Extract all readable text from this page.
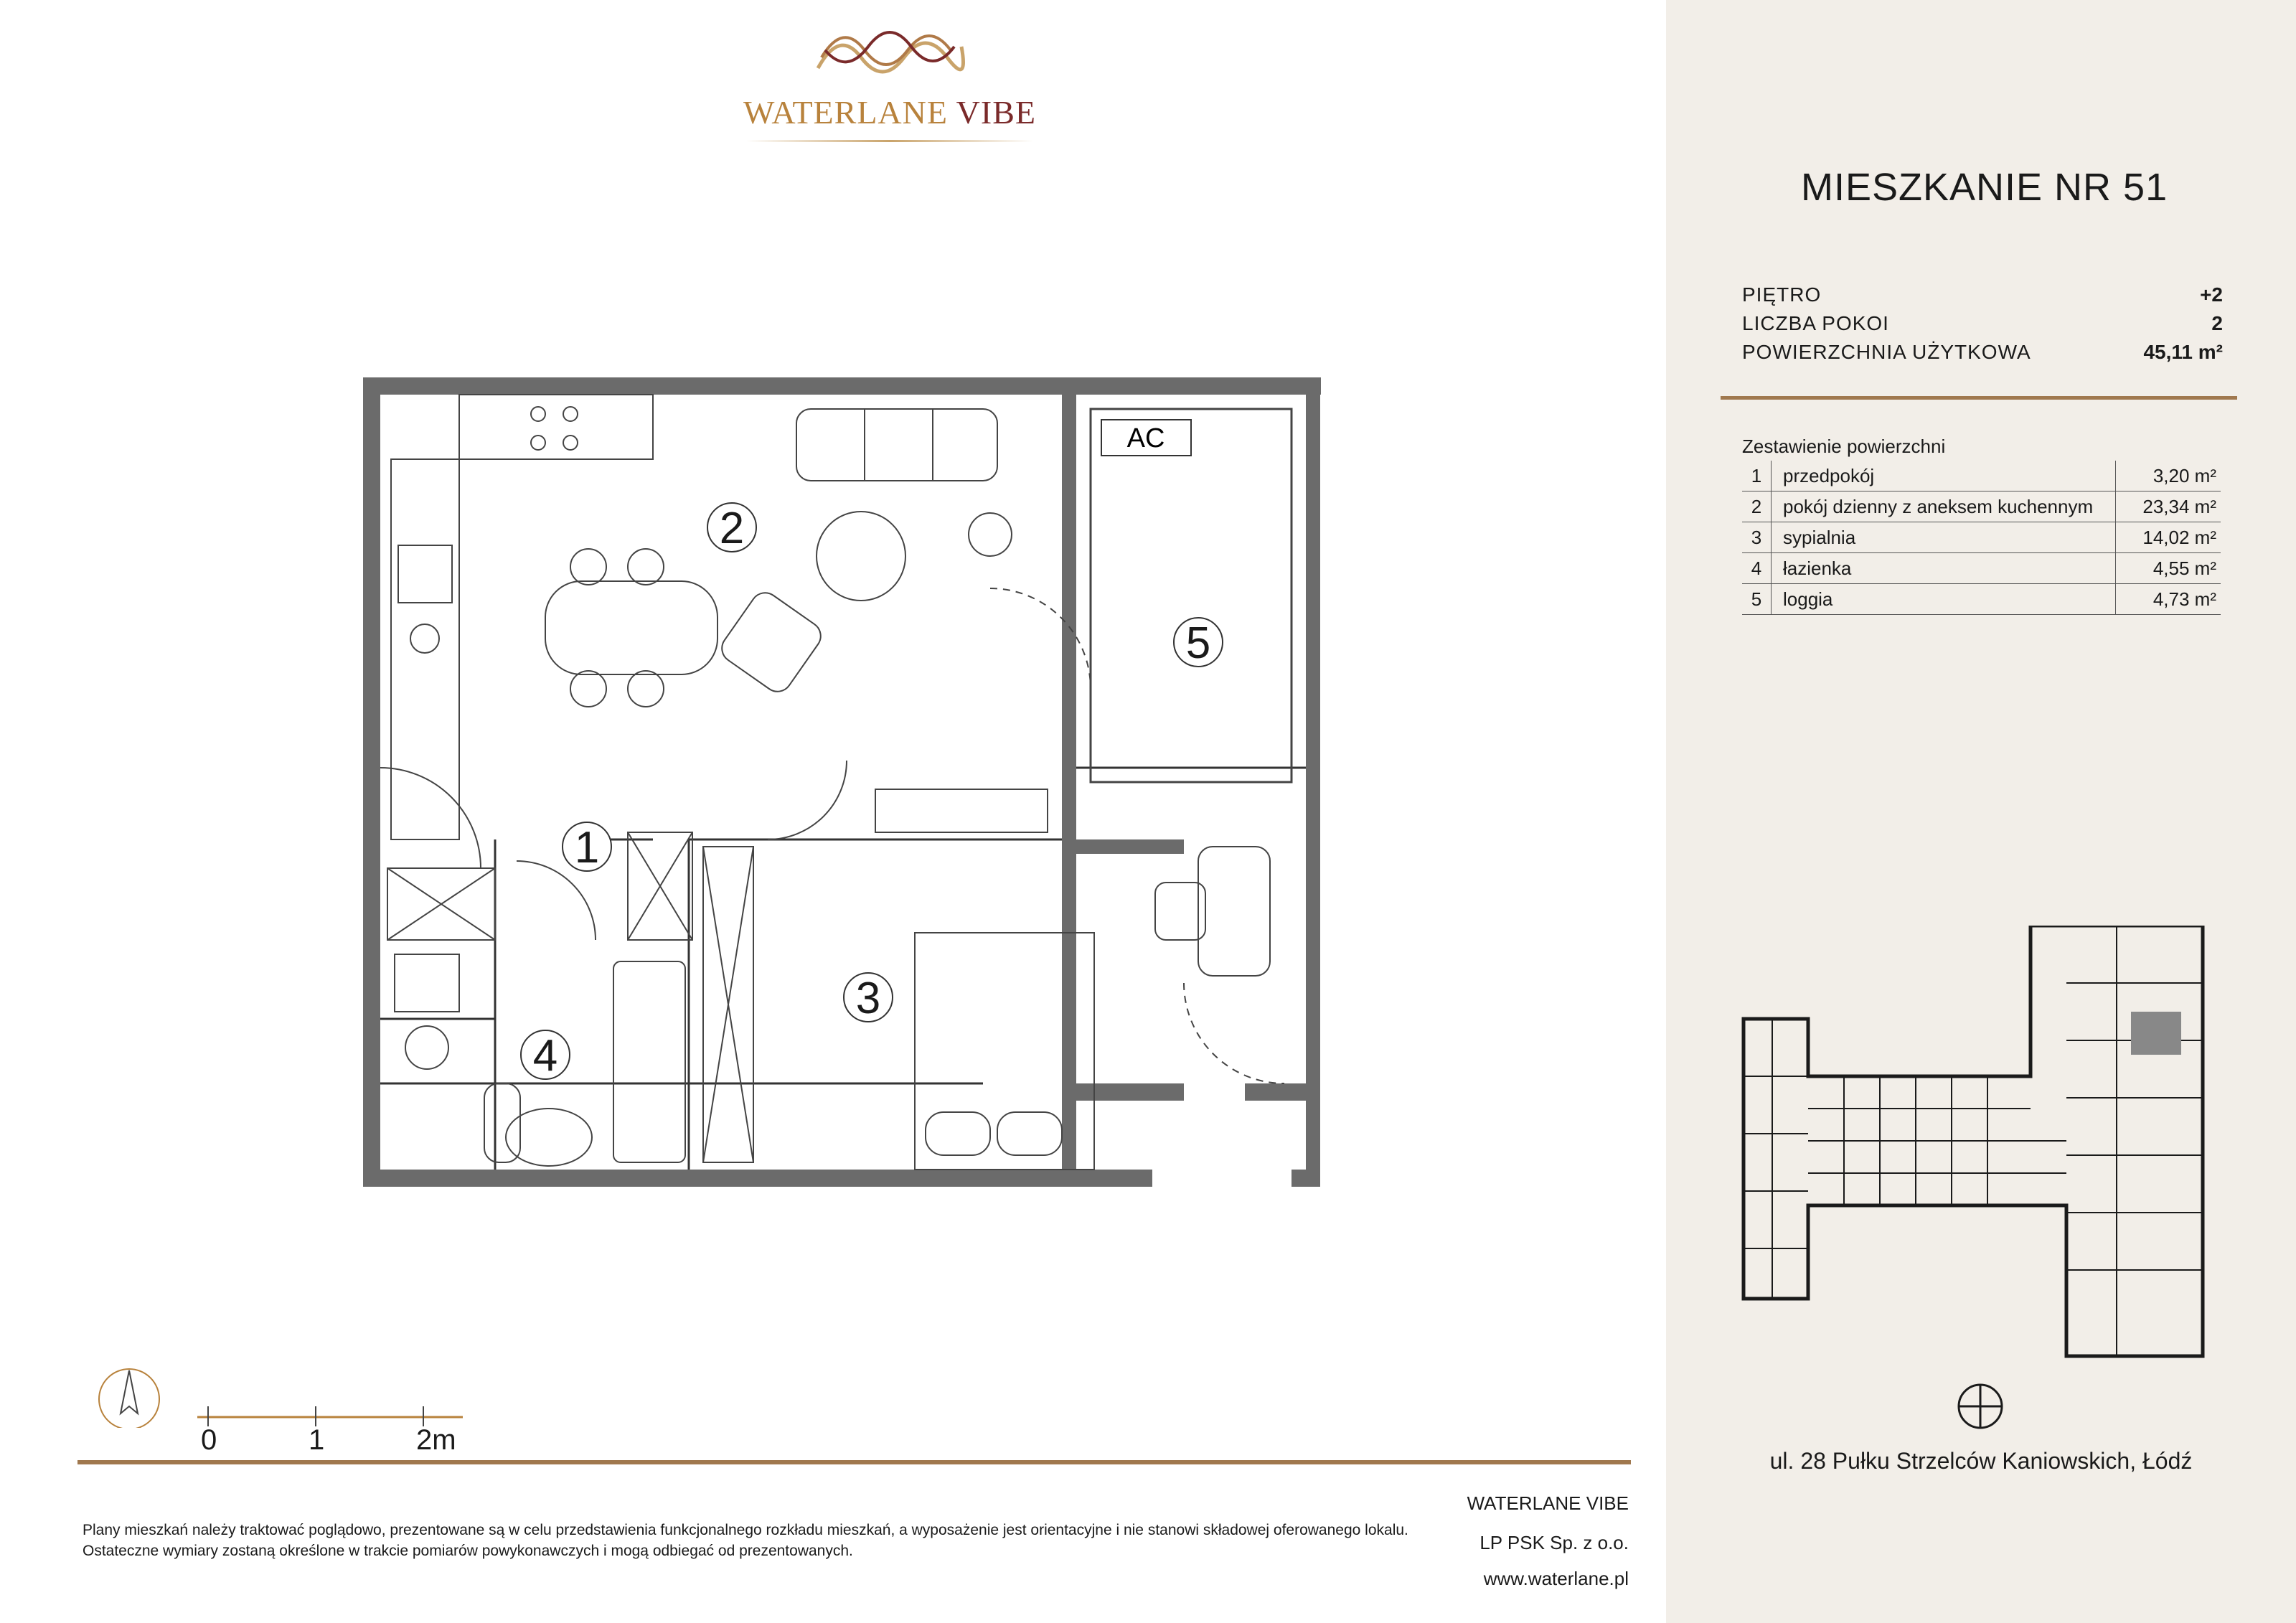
WATERLANE VIBE
AC
1
2
3
4
5
0	1	2m
Plany mieszkań należy traktować poglądowo, prezentowane są w celu przedstawienia funkcjonalnego rozkładu mieszkań, a wyposażenie jest orientacyjne i nie stanowi składowej oferowanego lokalu.
Ostateczne wymiary zostaną określone w trakcie pomiarów powykonawczych i mogą odbiegać od prezentowanych.
WATERLANE VIBE
LP PSK Sp. z o.o.
www.waterlane.pl
MIESZKANIE NR 51
PIĘTRO	+2
LICZBA POKOI	2
POWIERZCHNIA UŻYTKOWA	45,11 m²
Zestawienie powierzchni
1	przedpokój	3,20 m²
2	pokój dzienny z aneksem kuchennym	23,34 m²
3	sypialnia	14,02 m²
4	łazienka	4,55 m²
5	loggia	4,73 m²
ul. 28 Pułku Strzelców Kaniowskich, Łódź
